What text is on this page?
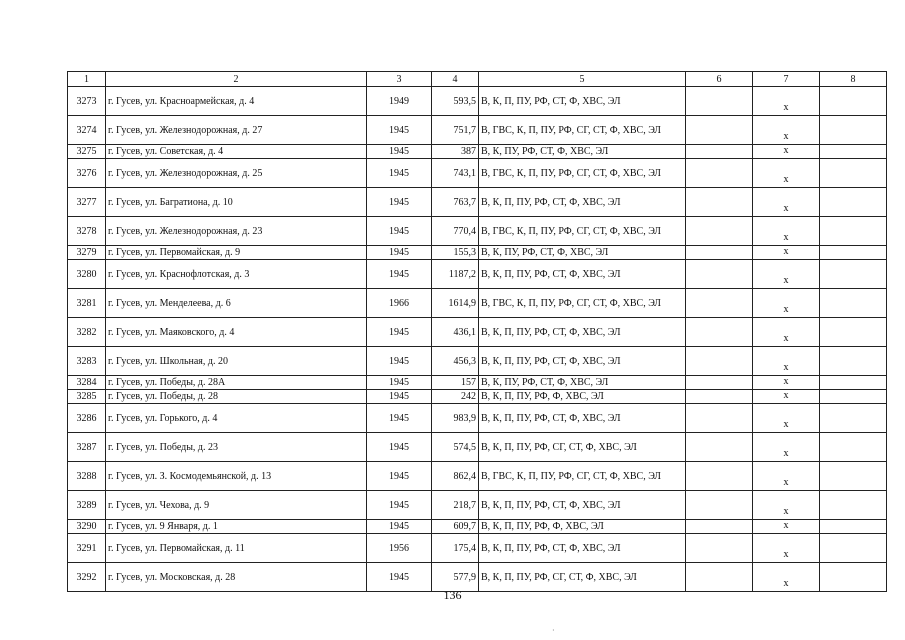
1	2	3	4	5	6	7	8
3273	г. Гусев, ул. Красноармейская, д. 4	1949	593,5	В, К, П, ПУ, РФ, СТ, Ф, ХВС, ЭЛ		х	
3274	г. Гусев, ул. Железнодорожная, д. 27	1945	751,7	В, ГВС, К, П, ПУ, РФ, СГ, СТ, Ф, ХВС, ЭЛ		х	
3275	г. Гусев, ул. Советская, д. 4	1945	387	В, К, ПУ, РФ, СТ, Ф, ХВС, ЭЛ		х	
3276	г. Гусев, ул. Железнодорожная, д. 25	1945	743,1	В, ГВС, К, П, ПУ, РФ, СГ, СТ, Ф, ХВС, ЭЛ		х	
3277	г. Гусев, ул. Багратиона, д. 10	1945	763,7	В, К, П, ПУ, РФ, СТ, Ф, ХВС, ЭЛ		х	
3278	г. Гусев, ул. Железнодорожная, д. 23	1945	770,4	В, ГВС, К, П, ПУ, РФ, СГ, СТ, Ф, ХВС, ЭЛ		х	
3279	г. Гусев, ул. Первомайская, д. 9	1945	155,3	В, К, ПУ, РФ, СТ, Ф, ХВС, ЭЛ		х	
3280	г. Гусев, ул. Краснофлотская, д. 3	1945	1187,2	В, К, П, ПУ, РФ, СТ, Ф, ХВС, ЭЛ		х	
3281	г. Гусев, ул. Менделеева, д. 6	1966	1614,9	В, ГВС, К, П, ПУ, РФ, СГ, СТ, Ф, ХВС, ЭЛ		х	
3282	г. Гусев, ул. Маяковского, д. 4	1945	436,1	В, К, П, ПУ, РФ, СТ, Ф, ХВС, ЭЛ		х	
3283	г. Гусев, ул. Школьная, д. 20	1945	456,3	В, К, П, ПУ, РФ, СТ, Ф, ХВС, ЭЛ		х	
3284	г. Гусев, ул. Победы, д. 28А	1945	157	В, К, ПУ, РФ, СТ, Ф, ХВС, ЭЛ		х	
3285	г. Гусев, ул. Победы, д. 28	1945	242	В, К, П, ПУ, РФ, Ф, ХВС, ЭЛ		х	
3286	г. Гусев, ул. Горького, д. 4	1945	983,9	В, К, П, ПУ, РФ, СТ, Ф, ХВС, ЭЛ		х	
3287	г. Гусев, ул. Победы, д. 23	1945	574,5	В, К, П, ПУ, РФ, СГ, СТ, Ф, ХВС, ЭЛ		х	
3288	г. Гусев, ул. З. Космодемьянской, д. 13	1945	862,4	В, ГВС, К, П, ПУ, РФ, СГ, СТ, Ф, ХВС, ЭЛ		х	
3289	г. Гусев, ул. Чехова, д. 9	1945	218,7	В, К, П, ПУ, РФ, СТ, Ф, ХВС, ЭЛ		х	
3290	г. Гусев, ул. 9 Января, д. 1	1945	609,7	В, К, П, ПУ, РФ, Ф, ХВС, ЭЛ		х	
3291	г. Гусев, ул. Первомайская, д. 11	1956	175,4	В, К, П, ПУ, РФ, СТ, Ф, ХВС, ЭЛ		х	
3292	г. Гусев, ул. Московская, д. 28	1945	577,9	В, К, П, ПУ, РФ, СГ, СТ, Ф, ХВС, ЭЛ		х	
136
·
